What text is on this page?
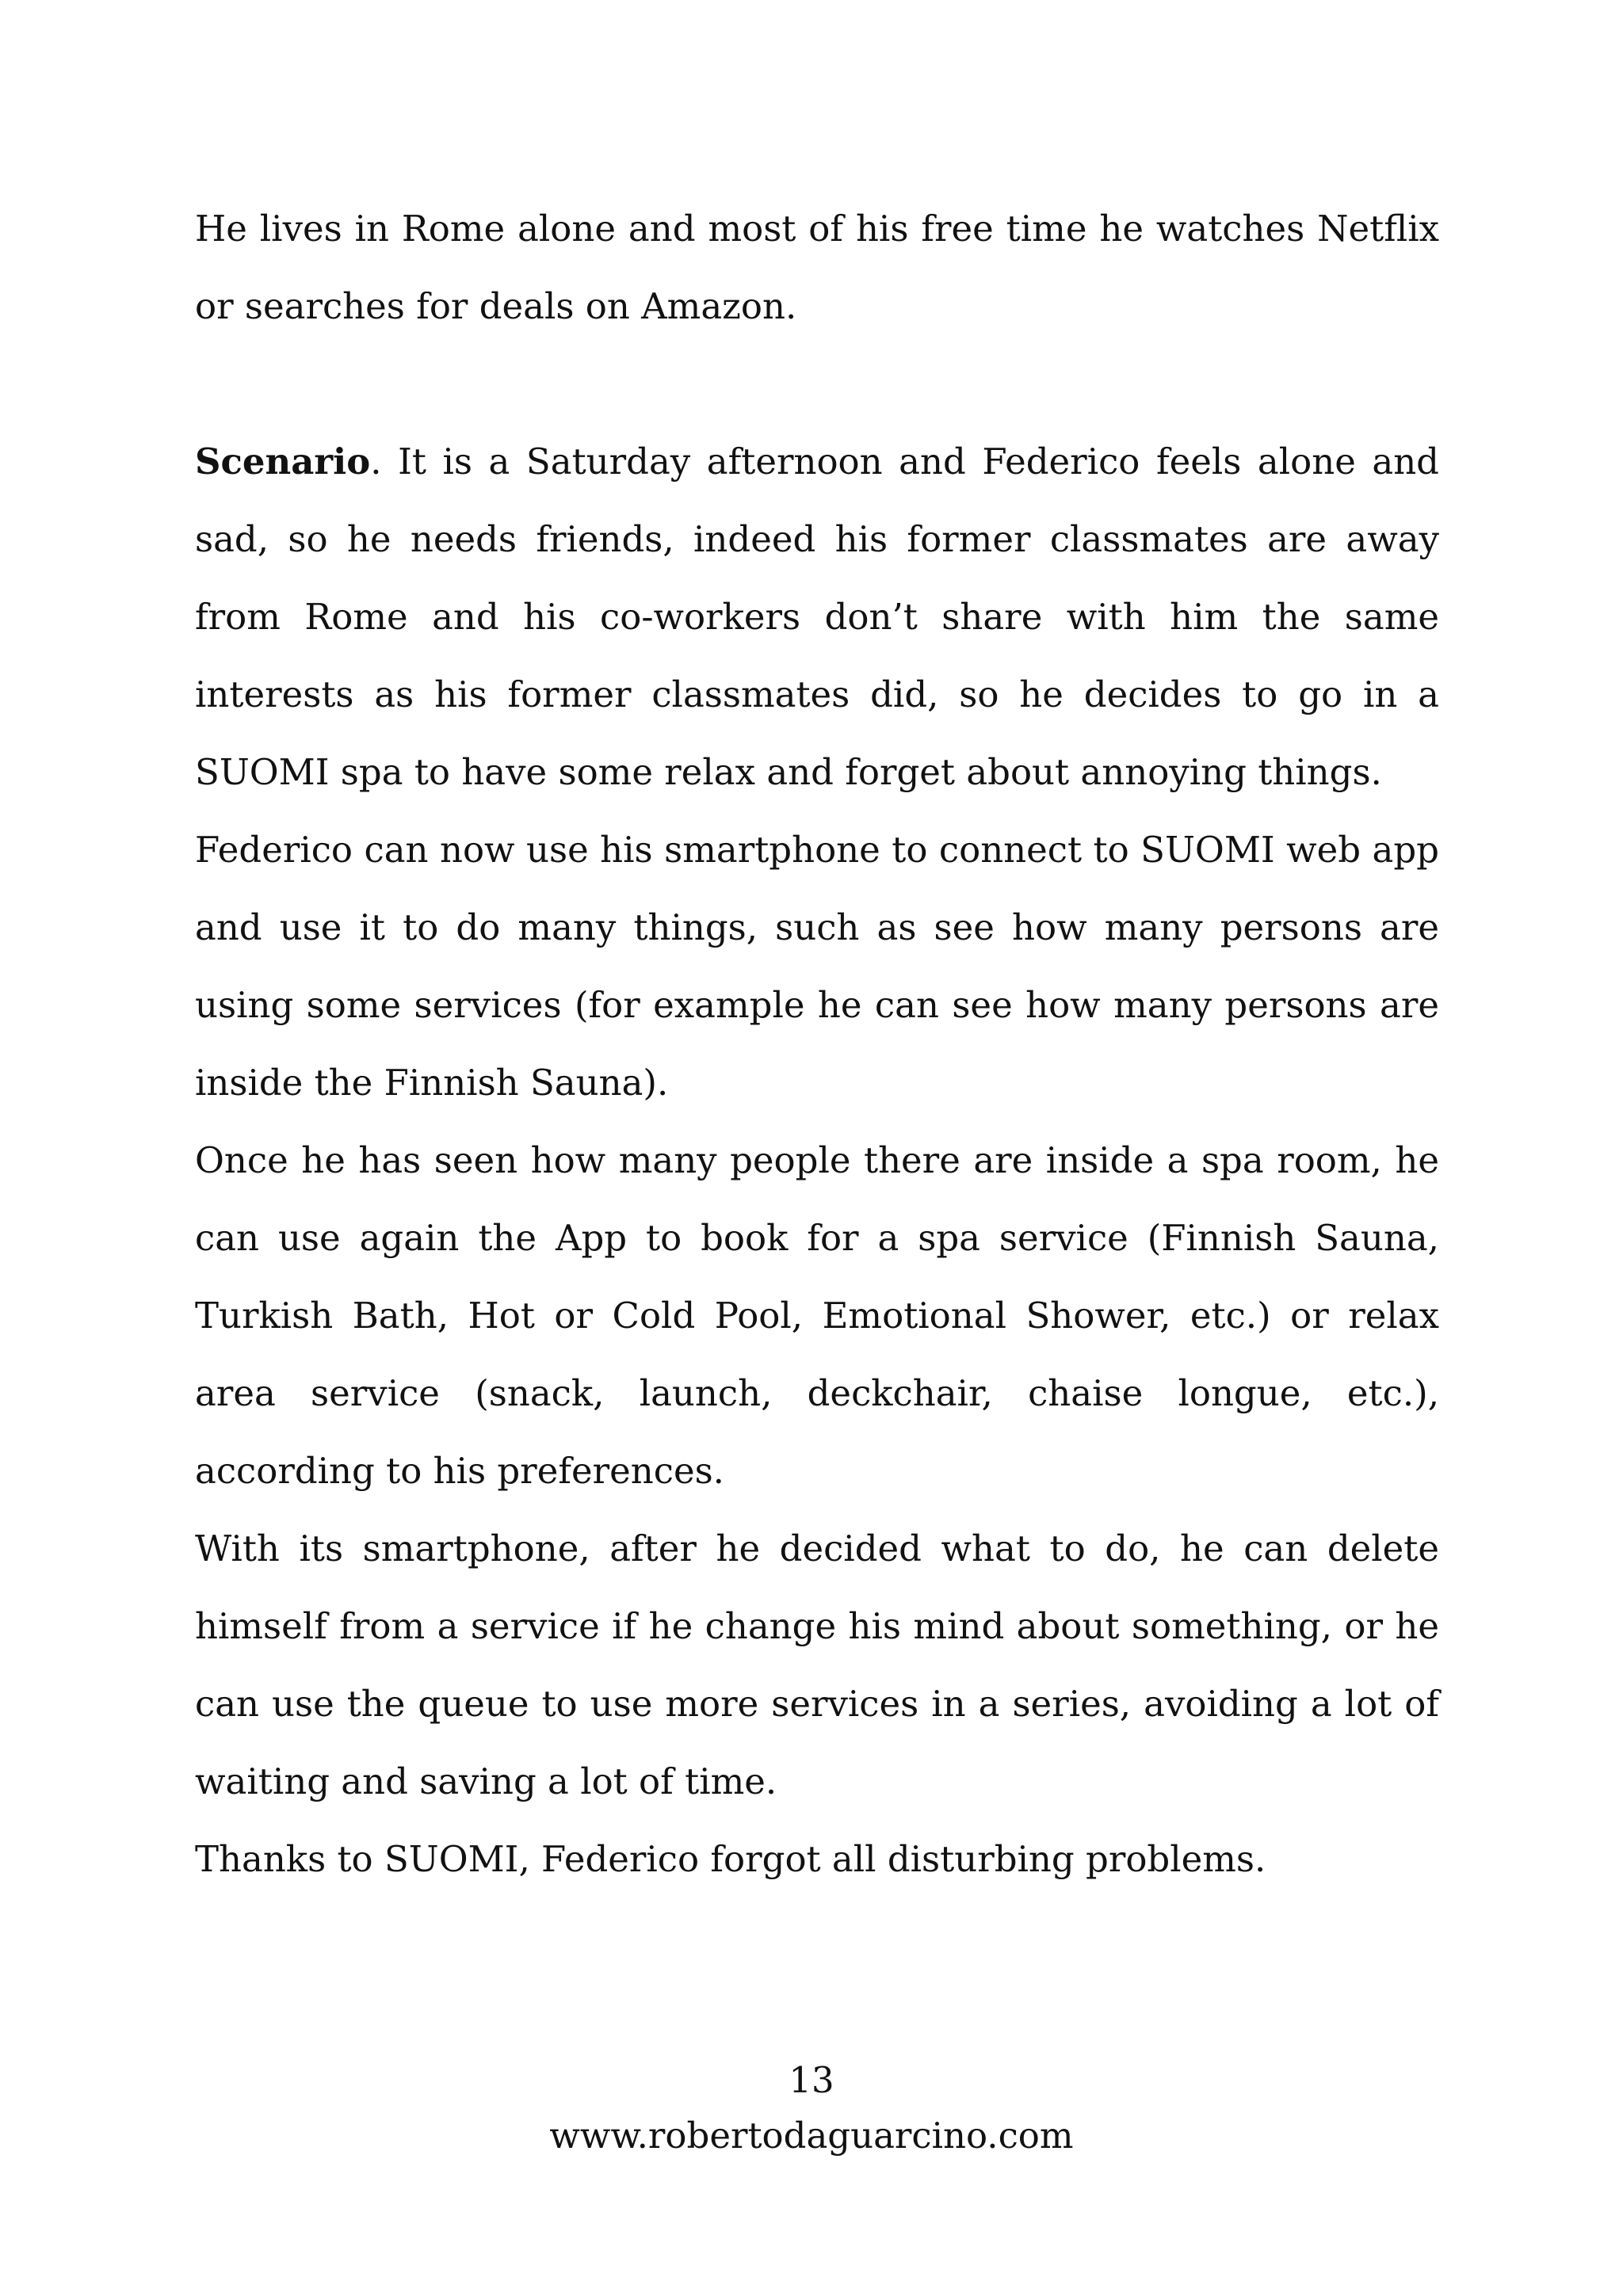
He lives in Rome alone and most of his free time he watches Netflix or searches for deals on Amazon.

Scenario. It is a Saturday afternoon and Federico feels alone and sad, so he needs friends, indeed his former classmates are away from Rome and his co-workers don’t share with him the same interests as his former classmates did, so he decides to go in a SUOMI spa to have some relax and forget about annoying things.

Federico can now use his smartphone to connect to SUOMI web app and use it to do many things, such as see how many persons are using some services (for example he can see how many persons are inside the Finnish Sauna).

Once he has seen how many people there are inside a spa room, he can use again the App to book for a spa service (Finnish Sauna, Turkish Bath, Hot or Cold Pool, Emotional Shower, etc.) or relax area service (snack, launch, deckchair, chaise longue, etc.), according to his preferences.

With its smartphone, after he decided what to do, he can delete himself from a service if he change his mind about something, or he can use the queue to use more services in a series, avoiding a lot of waiting and saving a lot of time.

Thanks to SUOMI, Federico forgot all disturbing problems.

13
www.robertodaguarcino.com
